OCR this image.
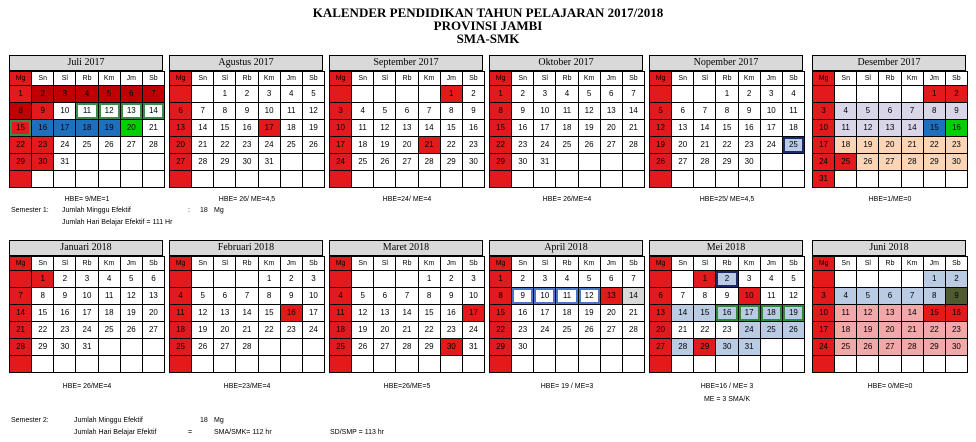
KALENDER PENDIDIKAN TAHUN PELAJARAN 2017/2018
PROVINSI JAMBI
SMA-SMK
Juli 2017
Mg	Sn	Sl	Rb	Km	Jm	Sb
1	2	3	4	5	6	7
8	9	10	11	12	13	14
15	16	17	18	19	20	21
22	23	24	25	26	27	28
29	30	31				

HBE= 9/ME=1
Agustus 2017
Mg	Sn	Sl	Rb	Km	Jm	Sb
		1	2	3	4	5
6	7	8	9	10	11	12
13	14	15	16	17	18	19
20	21	22	23	24	25	26
27	28	29	30	31		

HBE= 26/ ME=4,5
September 2017
Mg	Sn	Sl	Rb	Km	Jm	Sb
					1	2
3	4	5	6	7	8	9
10	11	12	13	14	15	16
17	18	19	20	21	22	23
24	25	26	27	28	29	30

HBE=24/ ME=4
Oktober 2017
Mg	Sn	Sl	Rb	Km	Jm	Sb
1	2	3	4	5	6	7
8	9	10	11	12	13	14
15	16	17	18	19	20	21
22	23	24	25	26	27	28
29	30	31				

HBE= 26/ME=4
Nopember 2017
Mg	Sn	Sl	Rb	Km	Jm	Sb
			1	2	3	4
5	6	7	8	9	10	11
12	13	14	15	16	17	18
19	20	21	22	23	24	25
26	27	28	29	30		

HBE=25/ ME=4,5
Desember 2017
Mg	Sn	Sl	Rb	Km	Jm	Sb
					1	2
3	4	5	6	7	8	9
10	11	12	13	14	15	16
17	18	19	20	21	22	23
24	25	26	27	28	29	30
31						
HBE=1/ME=0
Januari 2018
Mg	Sn	Sl	Rb	Km	Jm	Sb
	1	2	3	4	5	6
7	8	9	10	11	12	13
14	15	16	17	18	19	20
21	22	23	24	25	26	27
28	29	30	31			

HBE= 26/ME=4
Februari 2018
Mg	Sn	Sl	Rb	Km	Jm	Sb
				1	2	3
4	5	6	7	8	9	10
11	12	13	14	15	16	17
18	19	20	21	22	23	24
25	26	27	28			

HBE=23/ME=4
Maret 2018
Mg	Sn	Sl	Rb	Km	Jm	Sb
				1	2	3
4	5	6	7	8	9	10
11	12	13	14	15	16	17
18	19	20	21	22	23	24
25	26	27	28	29	30	31

HBE=26/ME=5
April 2018
Mg	Sn	Sl	Rb	Km	Jm	Sb
1	2	3	4	5	6	7
8	9	10	11	12	13	14
15	16	17	18	19	20	21
22	23	24	25	26	27	28
29	30					

HBE= 19 / ME=3
Mei 2018
Mg	Sn	Sl	Rb	Km	Jm	Sb
		1	2	3	4	5
6	7	8	9	10	11	12
13	14	15	16	17	18	19
20	21	22	23	24	25	26
27	28	29	30	31		

HBE=16 / ME= 3
ME = 3 SMA/K
Juni 2018
Mg	Sn	Sl	Rb	Km	Jm	Sb
					1	2
3	4	5	6	7	8	9
10	11	12	13	14	15	16
17	18	19	20	21	22	23
24	25	26	27	28	29	30

HBE= 0/ME=0
Semester 1: Jumlah Minggu Efektif	: 18 Mg
Jumlah Hari Belajar Efektif = 111 Hr
Semester 2:	Jumlah Minggu Efektif	18 Mg
Jumlah Hari Belajar Efektif	=	SMA/SMK= 112 hr	SD/SMP = 113 hr
